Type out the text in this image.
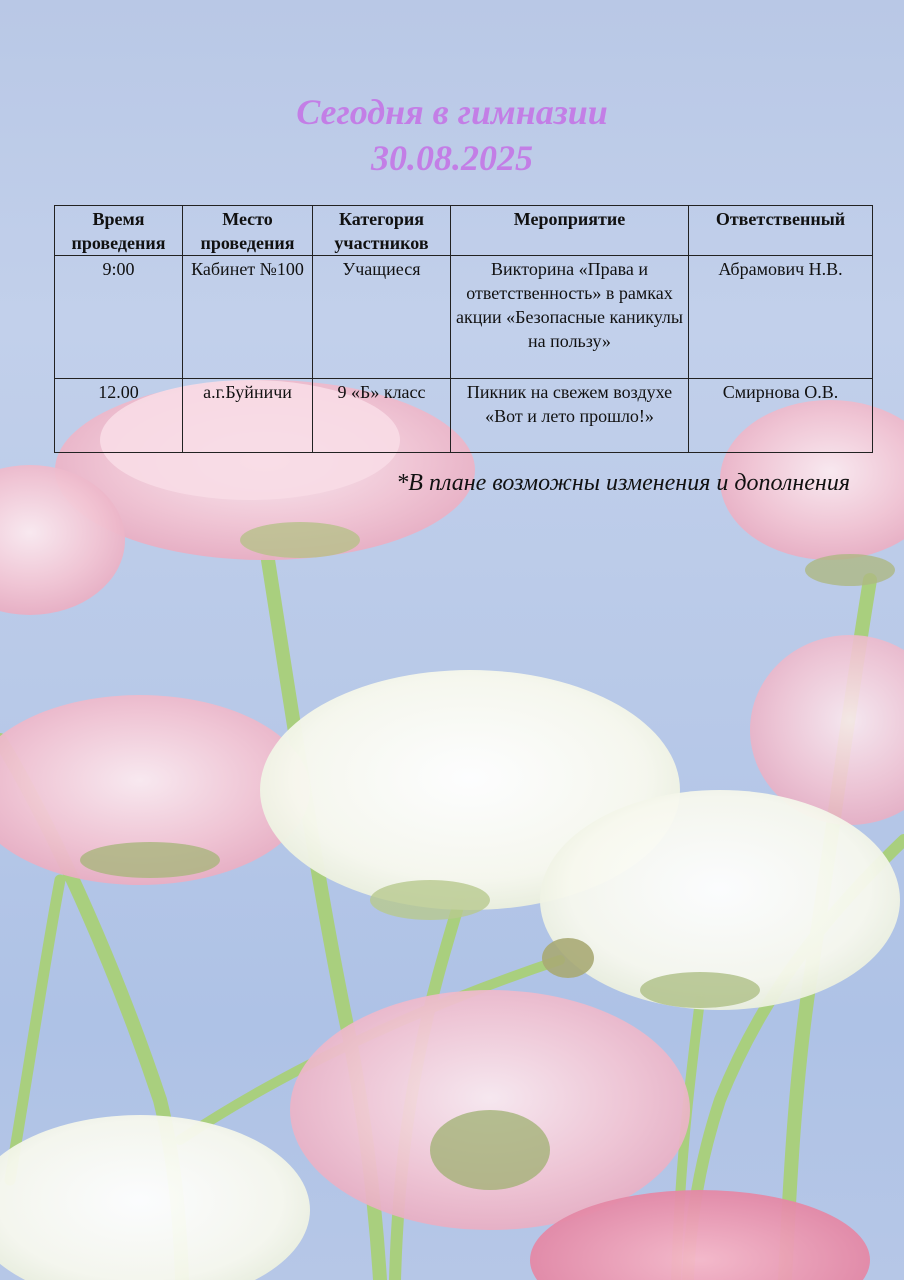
Сегодня в гимназии
30.08.2025
Время проведения	Место проведения	Категория участников	Мероприятие	Ответственный
9:00	Кабинет №100	Учащиеся	Викторина «Права и ответственность» в рамках акции «Безопасные каникулы на пользу»	Абрамович Н.В.
12.00	а.г.Буйничи	9 «Б» класс	Пикник на свежем воздухе «Вот и лето прошло!»	Смирнова О.В.
*В плане возможны изменения и дополнения
